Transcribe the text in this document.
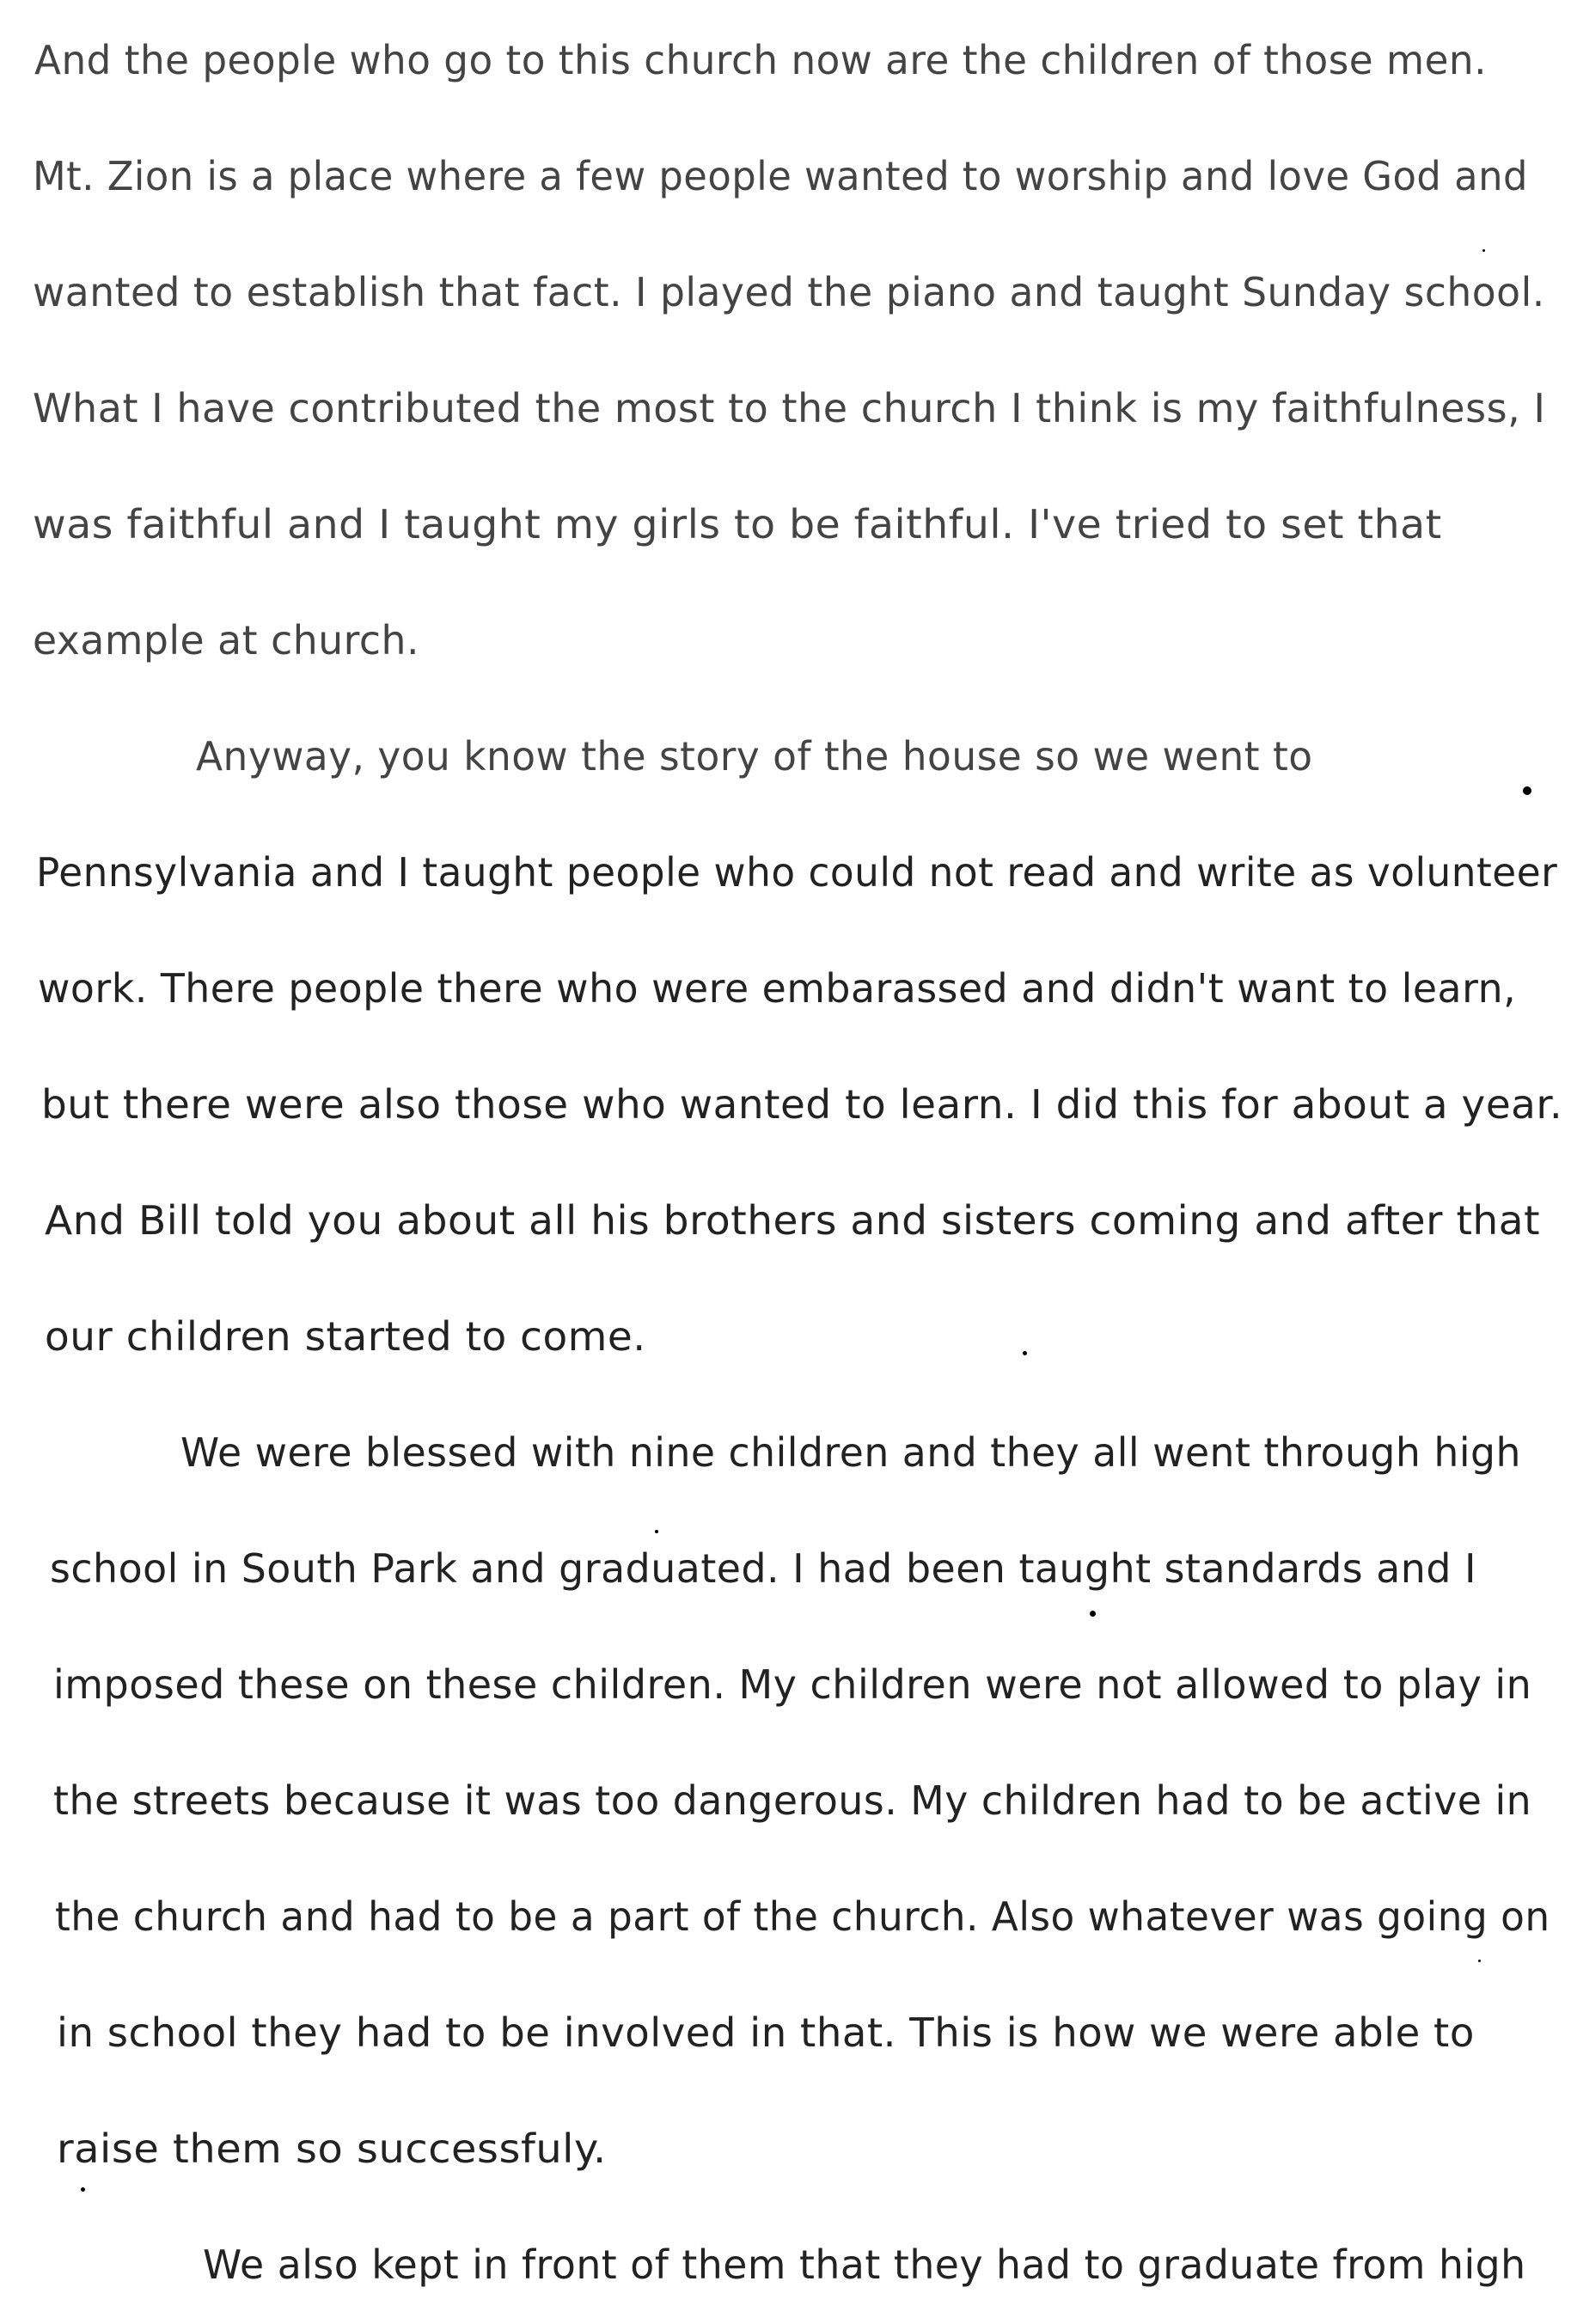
And the people who go to this church now are the children of those men.
Mt. Zion is a place where a few people wanted to worship and love God and
wanted to establish that fact. I played the piano and taught Sunday school.
What I have contributed the most to the church I think is my faithfulness, I
was faithful and I taught my girls to be faithful. I've tried to set that
example at church.
Anyway, you know the story of the house so we went to
Pennsylvania and I taught people who could not read and write as volunteer
work. There people there who were embarassed and didn't want to learn,
but there were also those who wanted to learn. I did this for about a year.
And Bill told you about all his brothers and sisters coming and after that
our children started to come.
We were blessed with nine children and they all went through high
school in South Park and graduated. I had been taught standards and I
imposed these on these children. My children were not allowed to play in
the streets because it was too dangerous. My children had to be active in
the church and had to be a part of the church. Also whatever was going on
in school they had to be involved in that. This is how we were able to
raise them so successfuly.
We also kept in front of them that they had to graduate from high
